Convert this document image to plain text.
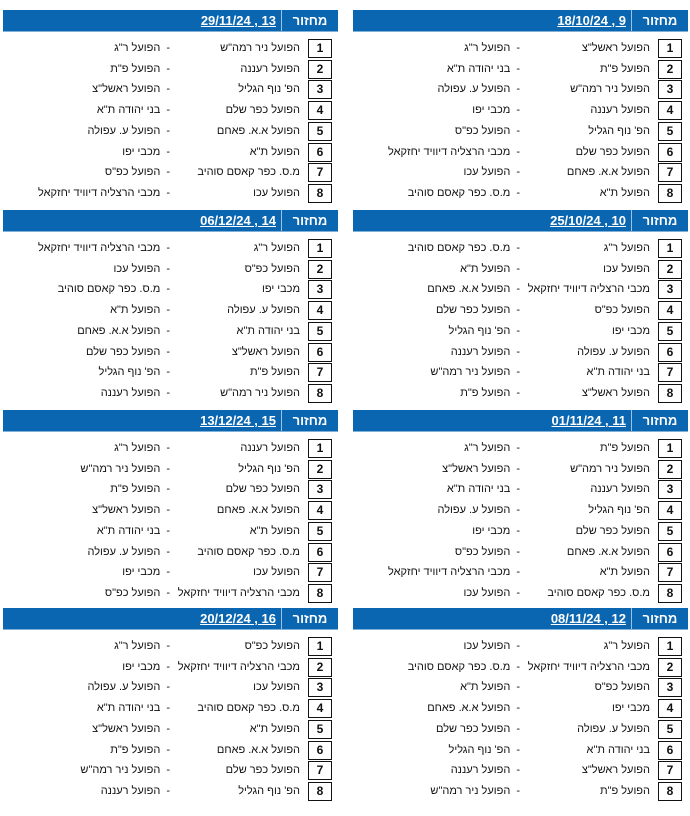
מחזור
18/10/24 , 9
1
הפועל ראשל"צ
-
הפועל ר"ג
2
הפועל פ"ת
-
בני יהודה ת"א
3
הפועל ניר רמה"ש
-
הפועל ע. עפולה
4
הפועל רעננה
-
מכבי יפו
5
הפ' נוף הגליל
-
הפועל כפ"ס
6
הפועל כפר שלם
-
מכבי הרצליה דיוויד יחזקאל
7
הפועל א.א. פאחם
-
הפועל עכו
8
הפועל ת"א
-
מ.ס. כפר קאסם סוהיב
מחזור
29/11/24 , 13
1
הפועל ניר רמה"ש
-
הפועל ר"ג
2
הפועל רעננה
-
הפועל פ"ת
3
הפ' נוף הגליל
-
הפועל ראשל"צ
4
הפועל כפר שלם
-
בני יהודה ת"א
5
הפועל א.א. פאחם
-
הפועל ע. עפולה
6
הפועל ת"א
-
מכבי יפו
7
מ.ס. כפר קאסם סוהיב
-
הפועל כפ"ס
8
הפועל עכו
-
מכבי הרצליה דיוויד יחזקאל
מחזור
25/10/24 , 10
1
הפועל ר"ג
-
מ.ס. כפר קאסם סוהיב
2
הפועל עכו
-
הפועל ת"א
3
מכבי הרצליה דיוויד יחזקאל
-
הפועל א.א. פאחם
4
הפועל כפ"ס
-
הפועל כפר שלם
5
מכבי יפו
-
הפ' נוף הגליל
6
הפועל ע. עפולה
-
הפועל רעננה
7
בני יהודה ת"א
-
הפועל ניר רמה"ש
8
הפועל ראשל"צ
-
הפועל פ"ת
מחזור
06/12/24 , 14
1
הפועל ר"ג
-
מכבי הרצליה דיוויד יחזקאל
2
הפועל כפ"ס
-
הפועל עכו
3
מכבי יפו
-
מ.ס. כפר קאסם סוהיב
4
הפועל ע. עפולה
-
הפועל ת"א
5
בני יהודה ת"א
-
הפועל א.א. פאחם
6
הפועל ראשל"צ
-
הפועל כפר שלם
7
הפועל פ"ת
-
הפ' נוף הגליל
8
הפועל ניר רמה"ש
-
הפועל רעננה
מחזור
01/11/24 , 11
1
הפועל פ"ת
-
הפועל ר"ג
2
הפועל ניר רמה"ש
-
הפועל ראשל"צ
3
הפועל רעננה
-
בני יהודה ת"א
4
הפ' נוף הגליל
-
הפועל ע. עפולה
5
הפועל כפר שלם
-
מכבי יפו
6
הפועל א.א. פאחם
-
הפועל כפ"ס
7
הפועל ת"א
-
מכבי הרצליה דיוויד יחזקאל
8
מ.ס. כפר קאסם סוהיב
-
הפועל עכו
מחזור
13/12/24 , 15
1
הפועל רעננה
-
הפועל ר"ג
2
הפ' נוף הגליל
-
הפועל ניר רמה"ש
3
הפועל כפר שלם
-
הפועל פ"ת
4
הפועל א.א. פאחם
-
הפועל ראשל"צ
5
הפועל ת"א
-
בני יהודה ת"א
6
מ.ס. כפר קאסם סוהיב
-
הפועל ע. עפולה
7
הפועל עכו
-
מכבי יפו
8
מכבי הרצליה דיוויד יחזקאל
-
הפועל כפ"ס
מחזור
08/11/24 , 12
1
הפועל ר"ג
-
הפועל עכו
2
מכבי הרצליה דיוויד יחזקאל
-
מ.ס. כפר קאסם סוהיב
3
הפועל כפ"ס
-
הפועל ת"א
4
מכבי יפו
-
הפועל א.א. פאחם
5
הפועל ע. עפולה
-
הפועל כפר שלם
6
בני יהודה ת"א
-
הפ' נוף הגליל
7
הפועל ראשל"צ
-
הפועל רעננה
8
הפועל פ"ת
-
הפועל ניר רמה"ש
מחזור
20/12/24 , 16
1
הפועל כפ"ס
-
הפועל ר"ג
2
מכבי הרצליה דיוויד יחזקאל
-
מכבי יפו
3
הפועל עכו
-
הפועל ע. עפולה
4
מ.ס. כפר קאסם סוהיב
-
בני יהודה ת"א
5
הפועל ת"א
-
הפועל ראשל"צ
6
הפועל א.א. פאחם
-
הפועל פ"ת
7
הפועל כפר שלם
-
הפועל ניר רמה"ש
8
הפ' נוף הגליל
-
הפועל רעננה
